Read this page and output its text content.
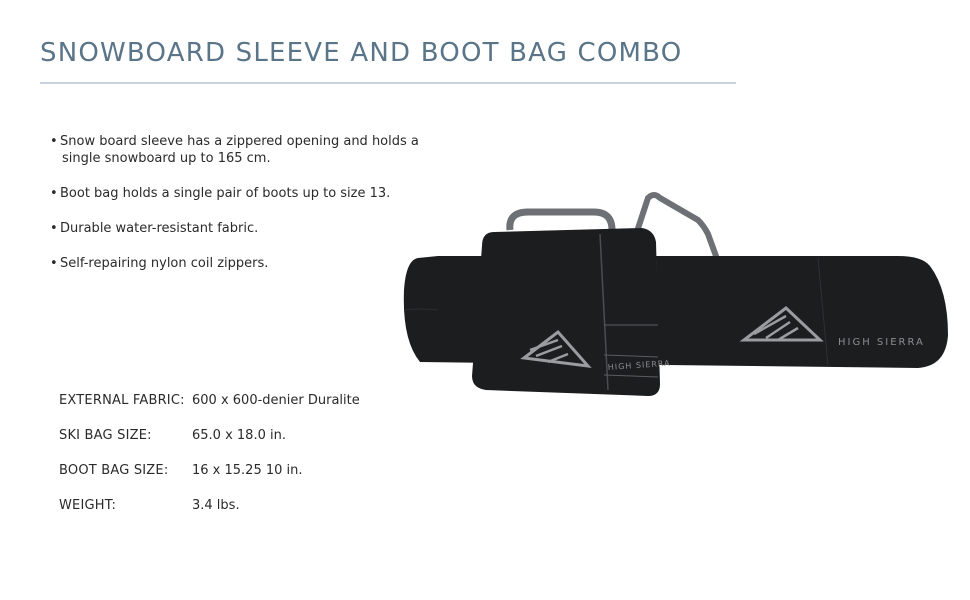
SNOWBOARD SLEEVE AND BOOT BAG COMBO
• Snow board sleeve has a zippered opening and holds a
single snowboard up to 165 cm.
• Boot bag holds a single pair of boots up to size 13.
• Durable water-resistant fabric.
• Self-repairing nylon coil zippers.
EXTERNAL FABRIC: 600 x 600-denier Duralite
SKI BAG SIZE:	65.0 x 18.0 in.
BOOT BAG SIZE:	16 x 15.25 10 in.
WEIGHT:	3.4 lbs.
HIGH SIERRA
HIGH SIERRA
